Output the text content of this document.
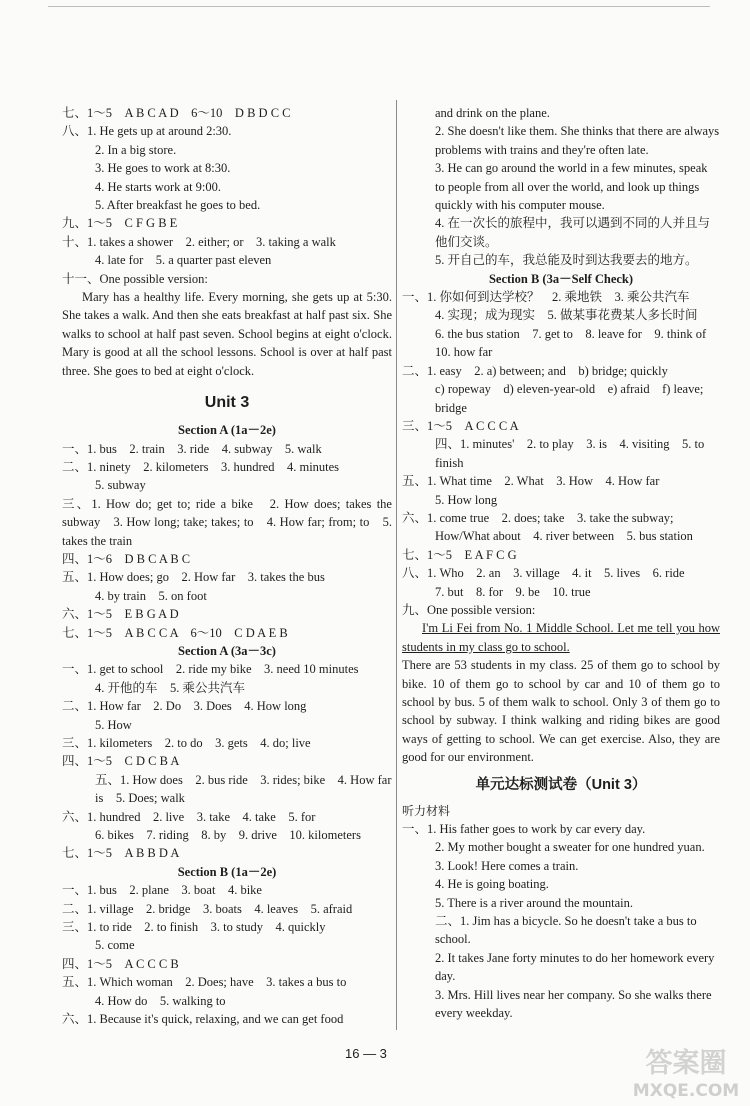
七、1～5　A B C A D　6～10　D B D C C
八、1. He gets up at around 2:30.
2. In a big store.
3. He goes to work at 8:30.
4. He starts work at 9:00.
5. After breakfast he goes to bed.
九、1～5　C F G B E
十、1. takes a shower　2. either; or　3. taking a walk
4. late for　5. a quarter past eleven
十一、One possible version:
Mary has a healthy life. Every morning, she gets up at 5:30. She takes a walk. And then she eats breakfast at half past six. She walks to school at half past seven. School begins at eight o'clock. Mary is good at all the school lessons. School is over at half past three. She goes to bed at eight o'clock.
Unit 3
Section A (1a－2e)
一、1. bus　2. train　3. ride　4. subway　5. walk
二、1. ninety　2. kilometers　3. hundred　4. minutes
5. subway
三、1. How do; get to; ride a bike　2. How does; takes the subway　3. How long; take; takes; to　4. How far; from; to　5. takes the train
四、1～6　D B C A B C
五、1. How does; go　2. How far　3. takes the bus
4. by train　5. on foot
六、1～5　E B G A D
七、1～5　A B C C A　6～10　C D A E B
Section A (3a－3c)
一、1. get to school　2. ride my bike　3. need 10 minutes
4. 开他的车　5. 乘公共汽车
二、1. How far　2. Do　3. Does　4. How long
5. How
三、1. kilometers　2. to do　3. gets　4. do; live
四、1～5　C D C B A
五、1. How does　2. bus ride　3. rides; bike　4. How far is　5. Does; walk
六、1. hundred　2. live　3. take　4. take　5. for
6. bikes　7. riding　8. by　9. drive　10. kilometers
七、1～5　A B B D A
Section B (1a－2e)
一、1. bus　2. plane　3. boat　4. bike
二、1. village　2. bridge　3. boats　4. leaves　5. afraid
三、1. to ride　2. to finish　3. to study　4. quickly
5. come
四、1～5　A C C C B
五、1. Which woman　2. Does; have　3. takes a bus to
4. How do　5. walking to
六、1. Because it's quick, relaxing, and we can get food
and drink on the plane.
2. She doesn't like them. She thinks that there are always problems with trains and they're often late.
3. He can go around the world in a few minutes, speak to people from all over the world, and look up things quickly with his computer mouse.
4. 在一次长的旅程中，我可以遇到不同的人并且与他们交谈。
5. 开自己的车，我总能及时到达我要去的地方。
Section B (3a－Self Check)
一、1. 你如何到达学校？　2. 乘地铁　3. 乘公共汽车
4. 实现；成为现实　5. 做某事花费某人多长时间
6. the bus station　7. get to　8. leave for　9. think of　10. how far
二、1. easy　2. a) between; and　b) bridge; quickly
c) ropeway　d) eleven-year-old　e) afraid　f) leave; bridge
三、1～5　A C C C A
四、1. minutes'　2. to play　3. is　4. visiting　5. to finish
五、1. What time　2. What　3. How　4. How far
5. How long
六、1. come true　2. does; take　3. take the subway;
How/What about　4. river between　5. bus station
七、1～5　E A F C G
八、1. Who　2. an　3. village　4. it　5. lives　6. ride
7. but　8. for　9. be　10. true
九、One possible version:
I'm Li Fei from No. 1 Middle School. Let me tell you how students in my class go to school.
There are 53 students in my class. 25 of them go to school by bike. 10 of them go to school by car and 10 of them go to school by bus. 5 of them walk to school. Only 3 of them go to school by subway. I think walking and riding bikes are good ways of getting to school. We can get exercise. Also, they are good for our environment.
单元达标测试卷（Unit 3）
听力材料
一、1. His father goes to work by car every day.
2. My mother bought a sweater for one hundred yuan.
3. Look! Here comes a train.
4. He is going boating.
5. There is a river around the mountain.
二、1. Jim has a bicycle. So he doesn't take a bus to school.
2. It takes Jane forty minutes to do her homework every day.
3. Mrs. Hill lives near her company. So she walks there every weekday.
16 — 3	答案圈
MXQE.COM
